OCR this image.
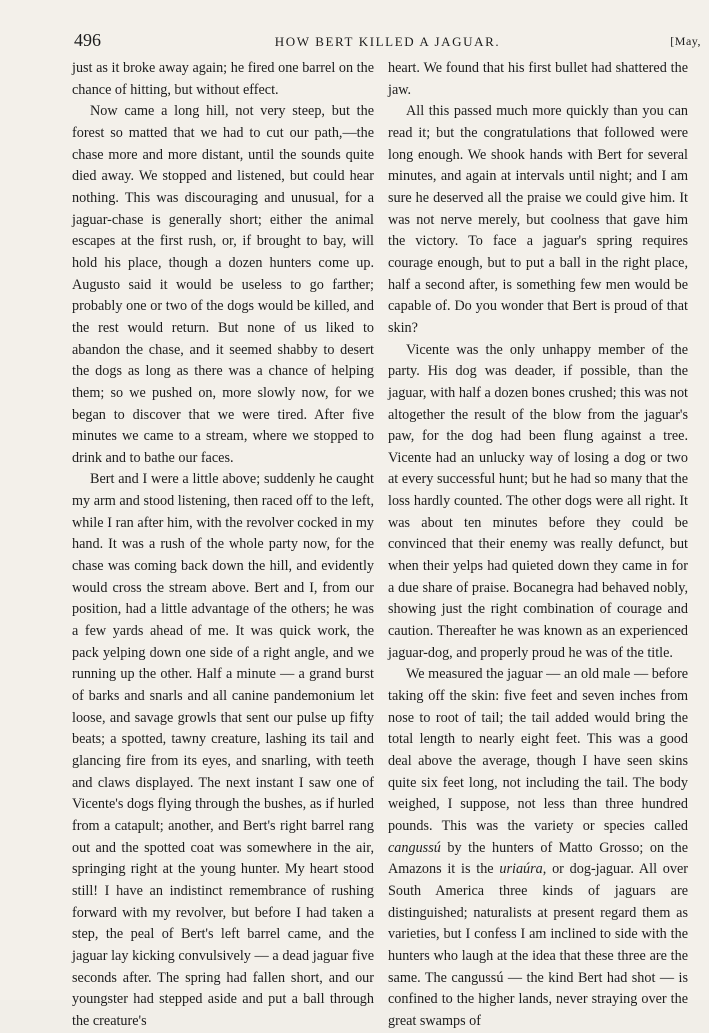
496	HOW BERT KILLED A JAGUAR.	[May,

just as it broke away again; he fired one barrel on the chance of hitting, but without effect.

Now came a long hill, not very steep, but the forest so matted that we had to cut our path,—the chase more and more distant, until the sounds quite died away. We stopped and listened, but could hear nothing. This was discouraging and unusual, for a jaguar-chase is generally short; either the animal escapes at the first rush, or, if brought to bay, will hold his place, though a dozen hunters come up. Augusto said it would be useless to go farther; probably one or two of the dogs would be killed, and the rest would return. But none of us liked to abandon the chase, and it seemed shabby to desert the dogs as long as there was a chance of helping them; so we pushed on, more slowly now, for we began to discover that we were tired. After five minutes we came to a stream, where we stopped to drink and to bathe our faces.

Bert and I were a little above; suddenly he caught my arm and stood listening, then raced off to the left, while I ran after him, with the revolver cocked in my hand. It was a rush of the whole party now, for the chase was coming back down the hill, and evidently would cross the stream above. Bert and I, from our position, had a little advantage of the others; he was a few yards ahead of me. It was quick work, the pack yelping down one side of a right angle, and we running up the other. Half a minute — a grand burst of barks and snarls and all canine pandemonium let loose, and savage growls that sent our pulse up fifty beats; a spotted, tawny creature, lashing its tail and glancing fire from its eyes, and snarling, with teeth and claws displayed. The next instant I saw one of Vicente's dogs flying through the bushes, as if hurled from a catapult; another, and Bert's right barrel rang out and the spotted coat was somewhere in the air, springing right at the young hunter. My heart stood still! I have an indistinct remembrance of rushing forward with my revolver, but before I had taken a step, the peal of Bert's left barrel came, and the jaguar lay kicking convulsively — a dead jaguar five seconds after. The spring had fallen short, and our youngster had stepped aside and put a ball through the creature's

heart. We found that his first bullet had shattered the jaw.

All this passed much more quickly than you can read it; but the congratulations that followed were long enough. We shook hands with Bert for several minutes, and again at intervals until night; and I am sure he deserved all the praise we could give him. It was not nerve merely, but coolness that gave him the victory. To face a jaguar's spring requires courage enough, but to put a ball in the right place, half a second after, is something few men would be capable of. Do you wonder that Bert is proud of that skin?

Vicente was the only unhappy member of the party. His dog was deader, if possible, than the jaguar, with half a dozen bones crushed; this was not altogether the result of the blow from the jaguar's paw, for the dog had been flung against a tree. Vicente had an unlucky way of losing a dog or two at every successful hunt; but he had so many that the loss hardly counted. The other dogs were all right. It was about ten minutes before they could be convinced that their enemy was really defunct, but when their yelps had quieted down they came in for a due share of praise. Bocanegra had behaved nobly, showing just the right combination of courage and caution. Thereafter he was known as an experienced jaguar-dog, and properly proud he was of the title.

We measured the jaguar — an old male — before taking off the skin: five feet and seven inches from nose to root of tail; the tail added would bring the total length to nearly eight feet. This was a good deal above the average, though I have seen skins quite six feet long, not including the tail. The body weighed, I suppose, not less than three hundred pounds. This was the variety or species called cangussú by the hunters of Matto Grosso; on the Amazons it is the uriaúra, or dog-jaguar. All over South America three kinds of jaguars are distinguished; naturalists at present regard them as varieties, but I confess I am inclined to side with the hunters who laugh at the idea that these three are the same. The cangussú — the kind Bert had shot — is confined to the higher lands, never straying over the great swamps of
